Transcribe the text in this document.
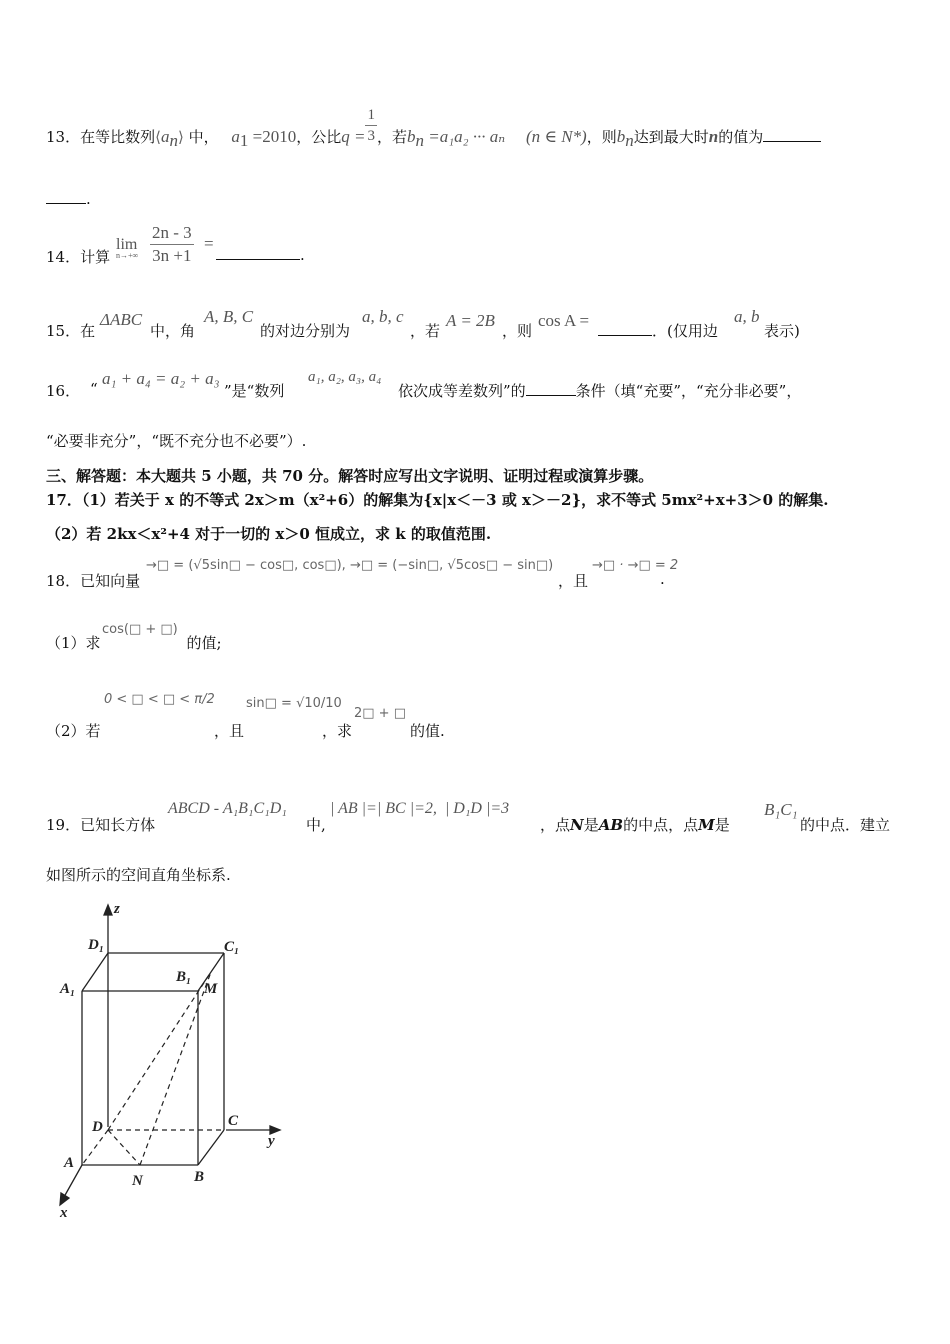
13．在等比数列$⟨a_n⟩$ 中， $a_1 =2010$，公比$q = \frac{1}{3}$ ，若$b_n =a_1a_2$ ··· aₙ (n ∈ N*)，则$b_n$达到最大时n的值为
.
14．计算
lim
n→+∞
2n - 3
3n +1
=
.
15．在
ΔABC
中，角
A, B, C
的对边分别为
a, b, c
，若
A = 2B
，则
cos A =
．(仅用边
a, b
表示)
16． “
a₁ + a₄ = a₂ + a₃
”是“数列
a₁, a₂, a₃, a₄
依次成等差数列”的	条件（填“充要”，“充分非必要”，
“必要非充分”，“既不充分也不必要”）.
三、解答题：本大题共 5 小题，共 70 分。解答时应写出文字说明、证明过程或演算步骤。
17．（1）若关于 x 的不等式 2x＞m（x²+6）的解集为{x|x＜－3 或 x＞－2}，求不等式 5mx²+x+3＞0 的解集.
（2）若 2kx＜x²+4 对于一切的 x＞0 恒成立，求 k 的取值范围.
18．已知向量
→□ = (√5sin□ − cos□, cos□), →□ = (−sin□, √5cos□ − sin□)
，且
→□ · →□ = 2
.
（1）求	的值;
cos(□ + □)
（2）若
0 < □ < □ < π/2
，且
sin□ = √10/10
，求
2□ + □
的值.
19．已知长方体
ABCD - A₁B₁C₁D₁
中,
| AB |=| BC |=2,  | D₁D |=3
，点N是AB的中点，点M是
B₁C₁
的中点．建立
如图所示的空间直角坐标系.
z
y
x
D₁	C₁
A₁
B₁
M
D	C
A
N	B
